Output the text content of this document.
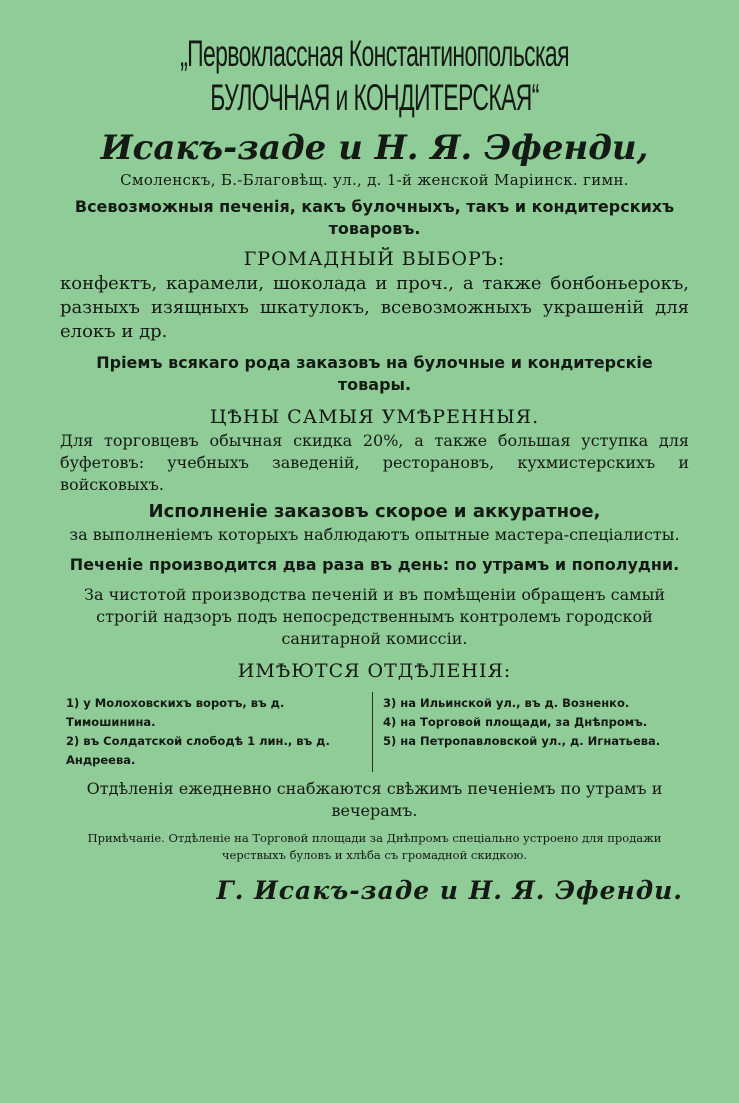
„Первоклассная Константинопольская
БУЛОЧНАЯ и КОНДИТЕРСКАЯ“
Исакъ-заде и Н. Я. Эфенди,
Смоленскъ, Б.-Благовѣщ. ул., д. 1-й женской Маріинск. гимн.
Всевозможныя печенія, какъ булочныхъ, такъ и кондитерскихъ товаровъ.
ГРОМАДНЫЙ ВЫБОРЪ:
конфектъ, карамели, шоколада и проч., а также бонбоньерокъ, разныхъ изящныхъ шкатулокъ, всевозможныхъ украшеній для елокъ и др.
Пріемъ всякаго рода заказовъ на булочные и кондитерскіе товары.
ЦѢНЫ САМЫЯ УМѢРЕННЫЯ.
Для торговцевъ обычная скидка 20%, а также большая уступка для буфетовъ: учебныхъ заведеній, ресторановъ, кухмистерскихъ и войсковыхъ.
Исполненіе заказовъ скорое и аккуратное,
за выполненіемъ которыхъ наблюдаютъ опытные мастера-спеціалисты.
Печеніе производится два раза въ день: по утрамъ и пополудни.
За чистотой производства печеній и въ помѣщеніи обращенъ самый строгій надзоръ подъ непосредственнымъ контролемъ городской санитарной комиссіи.
ИМѢЮТСЯ ОТДѢЛЕНІЯ:
1) у Молоховскихъ воротъ, въ д. Тимошинина.
2) въ Солдатской слободѣ 1 лин., въ д. Андреева.
3) на Ильинской ул., въ д. Возненко.
4) на Торговой площади, за Днѣпромъ.
5) на Петропавловской ул., д. Игнатьева.
Отдѣленія ежедневно снабжаются свѣжимъ печеніемъ по утрамъ и вечерамъ.
Примѣчаніе. Отдѣленіе на Торговой площади за Днѣпромъ спеціально устроено для продажи черствыхъ буловъ и хлѣба съ громадной скидкою.
Г. Исакъ-заде и Н. Я. Эфенди.
